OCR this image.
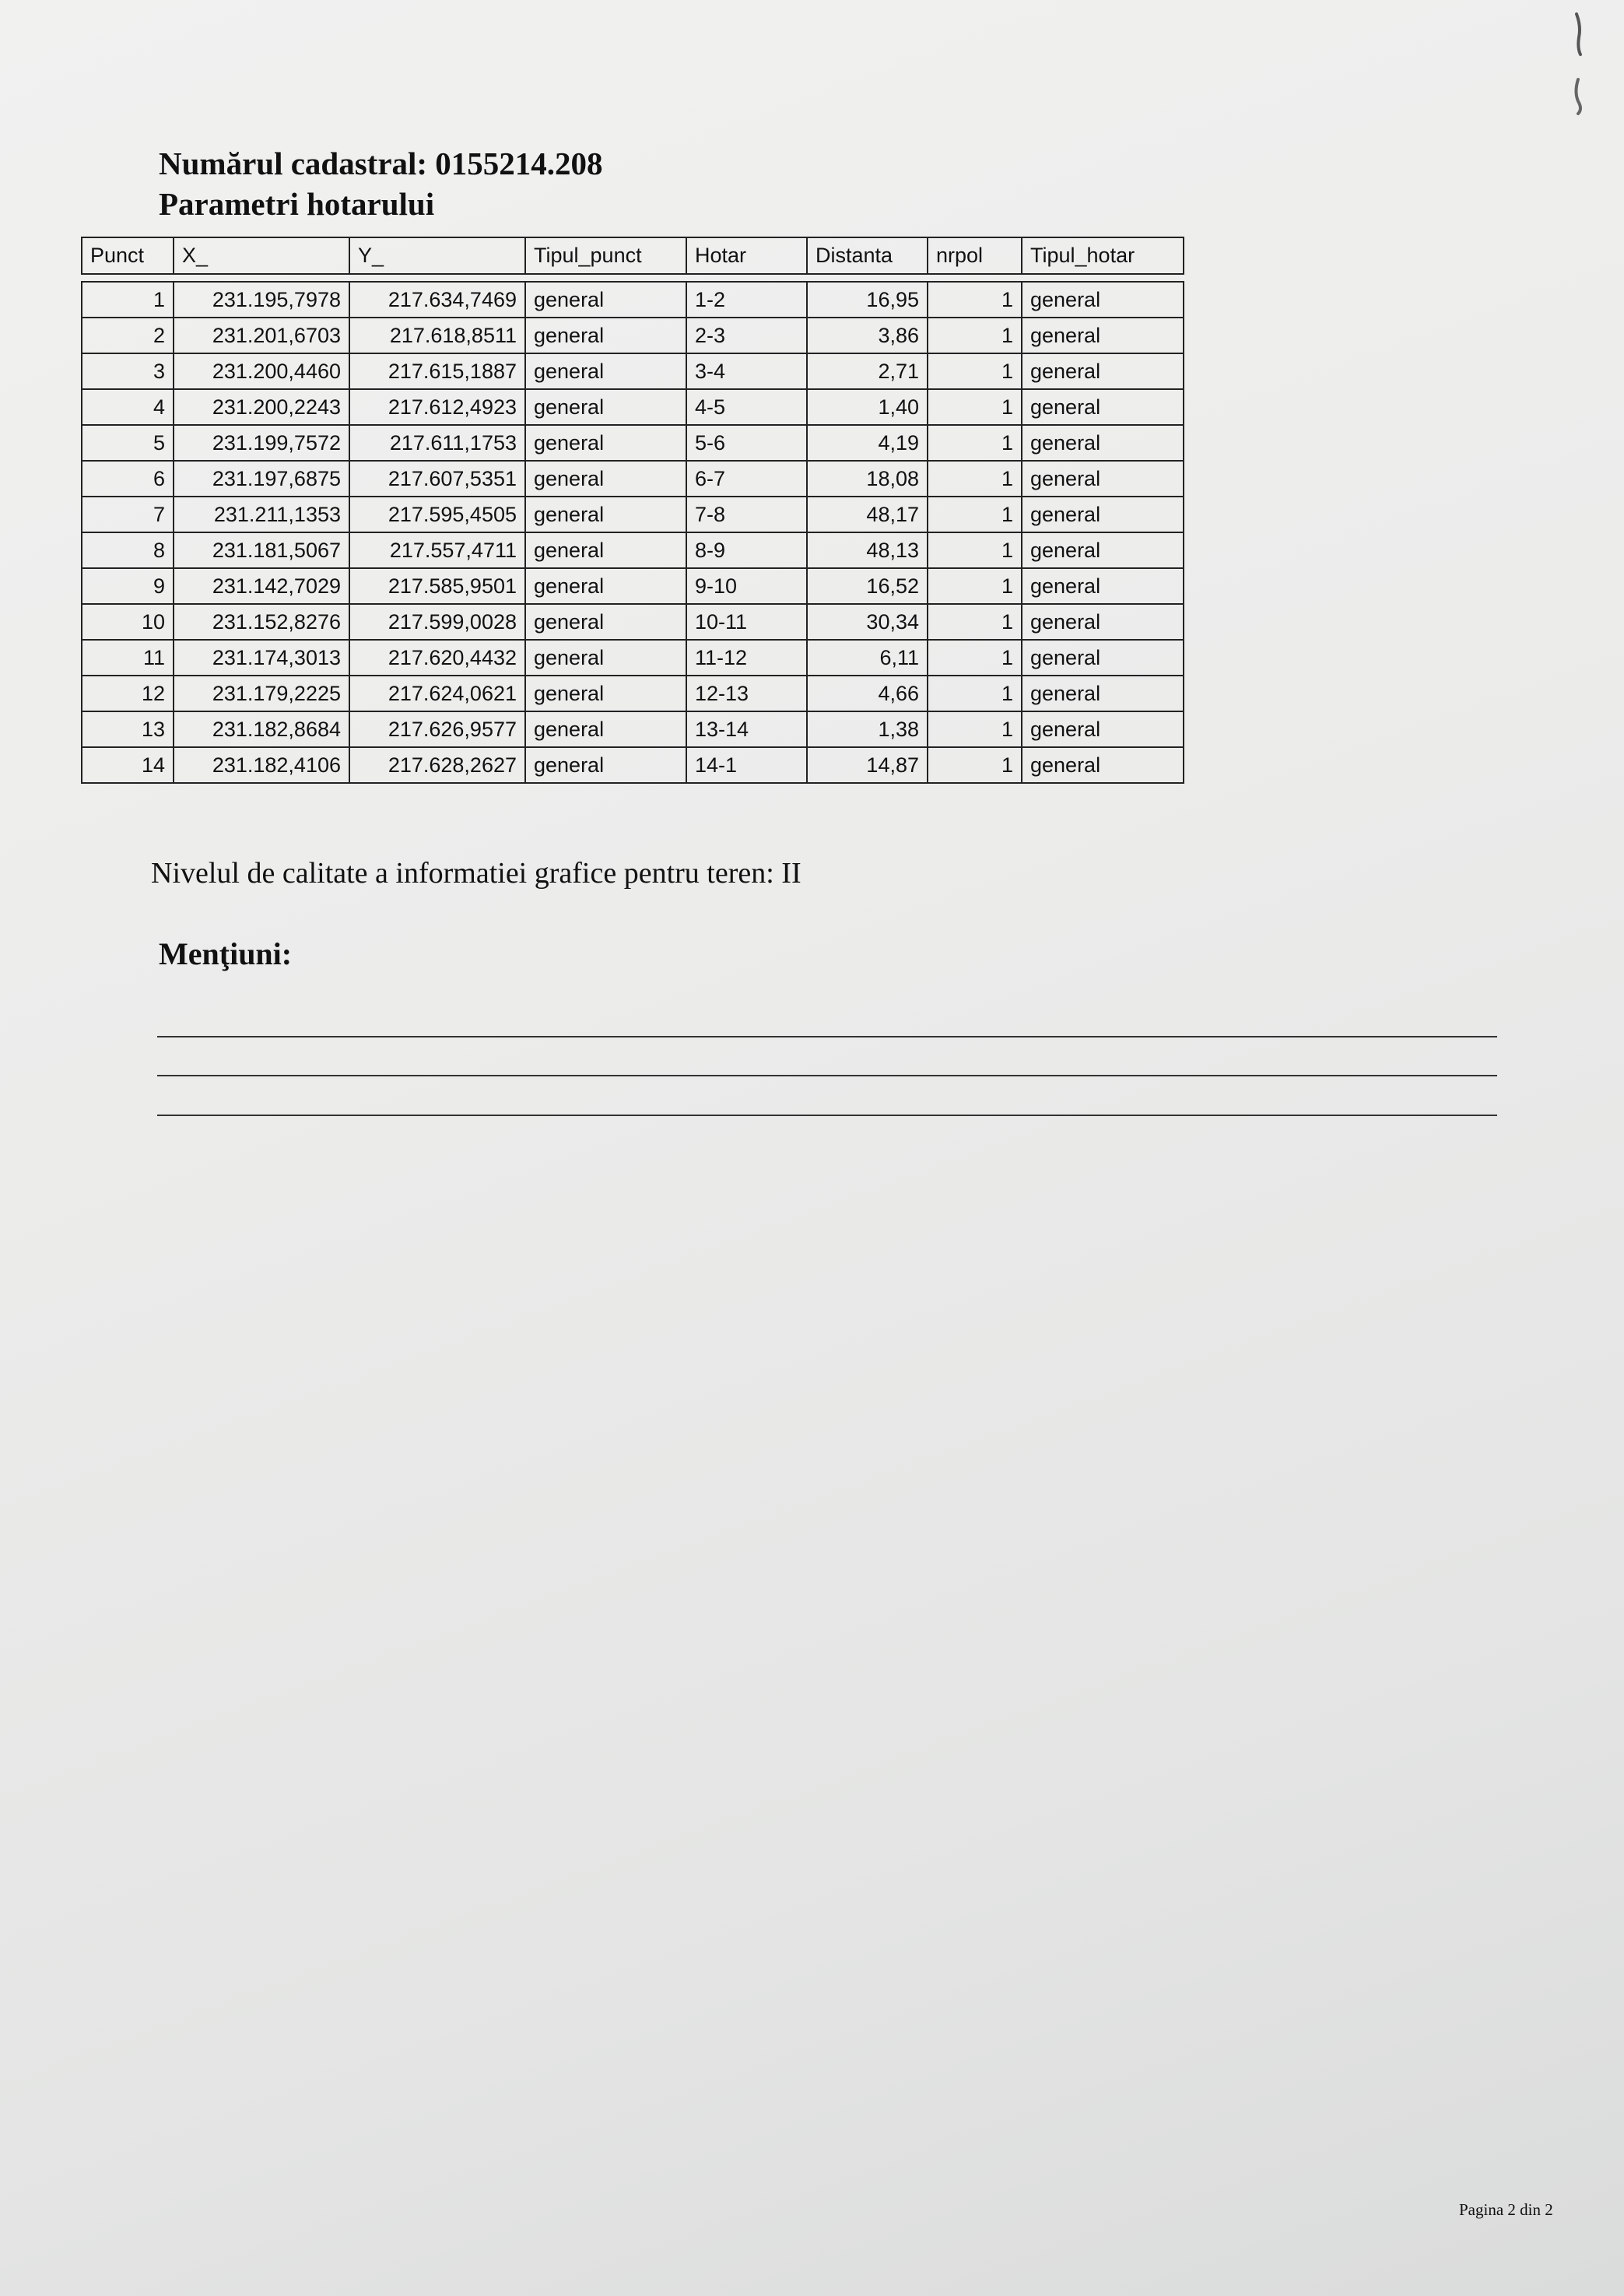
Numărul cadastral: 0155214.208
Parametri hotarului
Punct	X_	Y_	Tipul_punct	Hotar	Distanta	nrpol	Tipul_hotar

1	231.195,7978	217.634,7469	general	1-2	16,95	1	general
2	231.201,6703	217.618,8511	general	2-3	3,86	1	general
3	231.200,4460	217.615,1887	general	3-4	2,71	1	general
4	231.200,2243	217.612,4923	general	4-5	1,40	1	general
5	231.199,7572	217.611,1753	general	5-6	4,19	1	general
6	231.197,6875	217.607,5351	general	6-7	18,08	1	general
7	231.211,1353	217.595,4505	general	7-8	48,17	1	general
8	231.181,5067	217.557,4711	general	8-9	48,13	1	general
9	231.142,7029	217.585,9501	general	9-10	16,52	1	general
10	231.152,8276	217.599,0028	general	10-11	30,34	1	general
11	231.174,3013	217.620,4432	general	11-12	6,11	1	general
12	231.179,2225	217.624,0621	general	12-13	4,66	1	general
13	231.182,8684	217.626,9577	general	13-14	1,38	1	general
14	231.182,4106	217.628,2627	general	14-1	14,87	1	general
Nivelul de calitate a informatiei grafice pentru teren: II
Menţiuni:
Pagina 2 din 2
